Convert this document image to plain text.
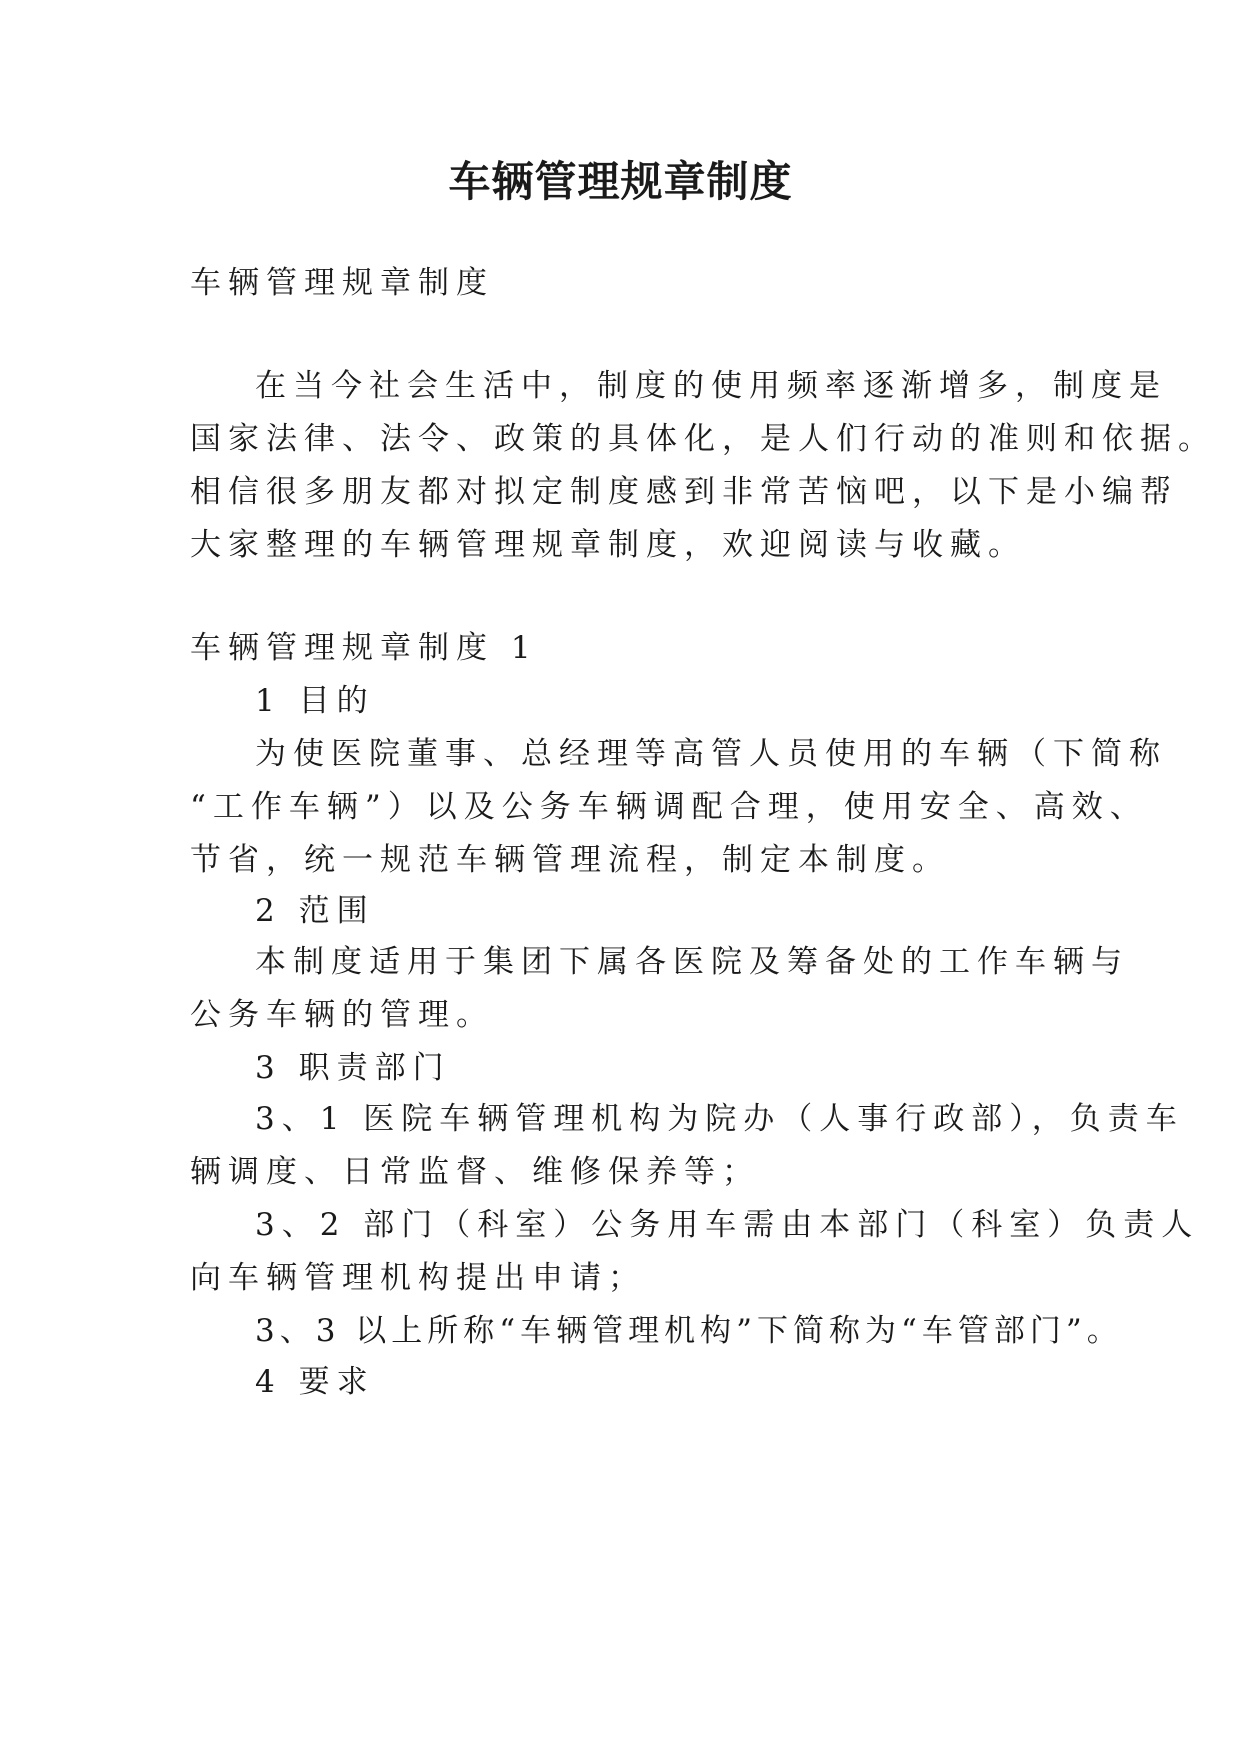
车辆管理规章制度

车辆管理规章制度

在当今社会生活中，制度的使用频率逐渐增多，制度是

国家法律、法令、政策的具体化，是人们行动的准则和依据。

相信很多朋友都对拟定制度感到非常苦恼吧，以下是小编帮

大家整理的车辆管理规章制度，欢迎阅读与收藏。

车辆管理规章制度 1

1 目的

为使医院董事、总经理等高管人员使用的车辆（下简称

“工作车辆”）以及公务车辆调配合理，使用安全、高效、

节省，统一规范车辆管理流程，制定本制度。

2 范围

本制度适用于集团下属各医院及筹备处的工作车辆与

公务车辆的管理。

3 职责部门

3、1 医院车辆管理机构为院办（人事行政部），负责车

辆调度、日常监督、维修保养等；

3、2 部门（科室）公务用车需由本部门（科室）负责人

向车辆管理机构提出申请；

3、3 以上所称“车辆管理机构”下简称为“车管部门”。

4 要求
